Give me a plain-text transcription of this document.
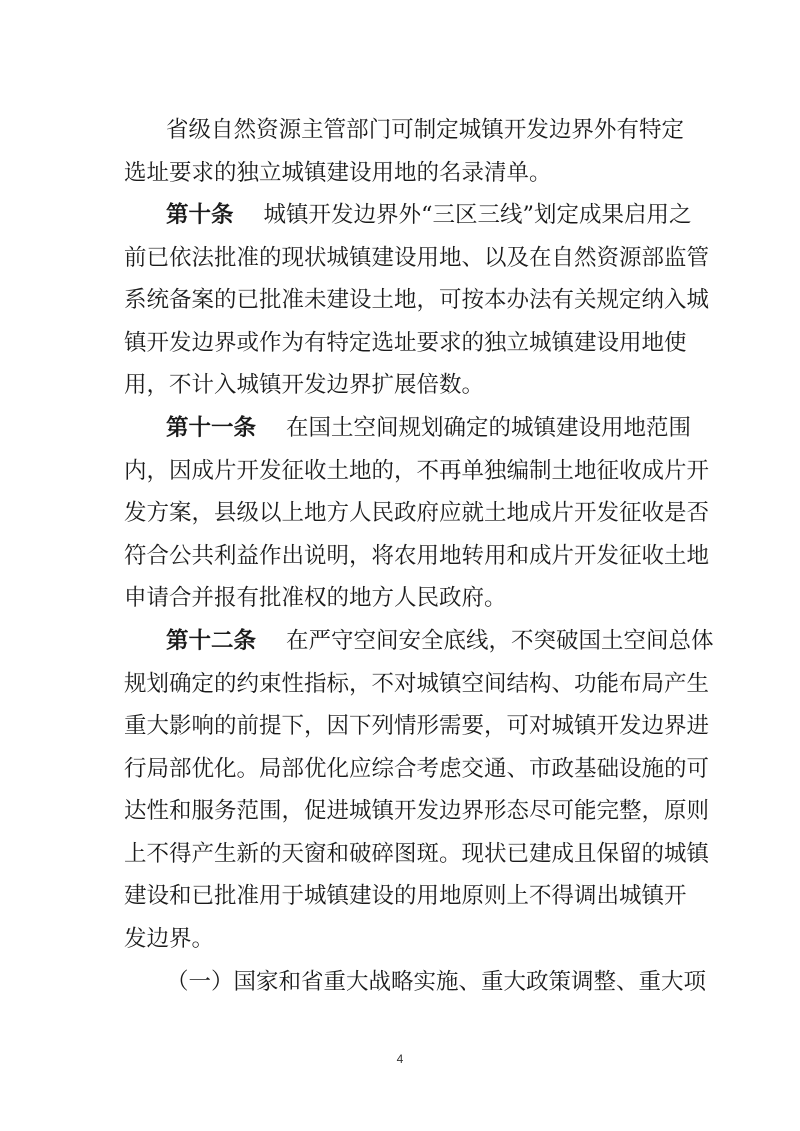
省级自然资源主管部门可制定城镇开发边界外有特定
选址要求的独立城镇建设用地的名录清单。
第十条 城镇开发边界外“三区三线”划定成果启用之
前已依法批准的现状城镇建设用地、以及在自然资源部监管
系统备案的已批准未建设土地，可按本办法有关规定纳入城
镇开发边界或作为有特定选址要求的独立城镇建设用地使
用，不计入城镇开发边界扩展倍数。
第十一条 在国土空间规划确定的城镇建设用地范围
内，因成片开发征收土地的，不再单独编制土地征收成片开
发方案，县级以上地方人民政府应就土地成片开发征收是否
符合公共利益作出说明，将农用地转用和成片开发征收土地
申请合并报有批准权的地方人民政府。
第十二条 在严守空间安全底线，不突破国土空间总体
规划确定的约束性指标，不对城镇空间结构、功能布局产生
重大影响的前提下，因下列情形需要，可对城镇开发边界进
行局部优化。局部优化应综合考虑交通、市政基础设施的可
达性和服务范围，促进城镇开发边界形态尽可能完整，原则
上不得产生新的天窗和破碎图斑。现状已建成且保留的城镇
建设和已批准用于城镇建设的用地原则上不得调出城镇开
发边界。
（一）国家和省重大战略实施、重大政策调整、重大项
4
